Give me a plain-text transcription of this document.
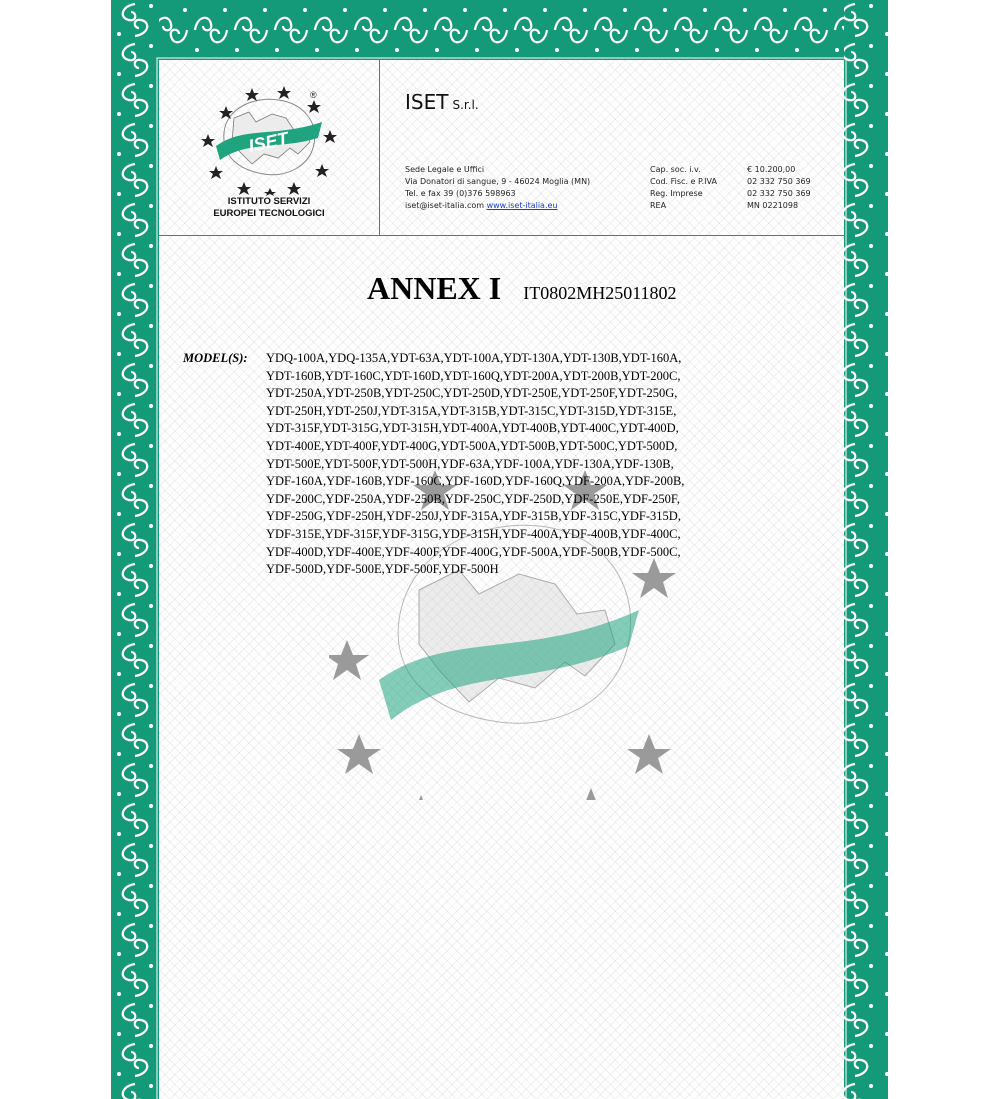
ISET
®
ISTITUTO SERVIZI
EUROPEI TECNOLOGICI
ISET S.r.l.
Sede Legale e Uffici
Via Donatori di sangue, 9 - 46024 Moglia (MN)
Tel. e fax 39 (0)376 598963
iset@iset-italia.com www.iset-italia.eu
Cap. soc. i.v.	€ 10.200,00
Cod. Fisc. e P.IVA	02 332 750 369
Reg. Imprese	02 332 750 369
REA	MN 0221098
ANNEX I IT0802MH25011802
MODEL(S): YDQ-100A,YDQ-135A,YDT-63A,YDT-100A,YDT-130A,YDT-130B,YDT-160A,
YDT-160B,YDT-160C,YDT-160D,YDT-160Q,YDT-200A,YDT-200B,YDT-200C,
YDT-250A,YDT-250B,YDT-250C,YDT-250D,YDT-250E,YDT-250F,YDT-250G,
YDT-250H,YDT-250J,YDT-315A,YDT-315B,YDT-315C,YDT-315D,YDT-315E,
YDT-315F,YDT-315G,YDT-315H,YDT-400A,YDT-400B,YDT-400C,YDT-400D,
YDT-400E,YDT-400F,YDT-400G,YDT-500A,YDT-500B,YDT-500C,YDT-500D,
YDT-500E,YDT-500F,YDT-500H,YDF-63A,YDF-100A,YDF-130A,YDF-130B,
YDF-160A,YDF-160B,YDF-160C,YDF-160D,YDF-160Q,YDF-200A,YDF-200B,
YDF-200C,YDF-250A,YDF-250B,YDF-250C,YDF-250D,YDF-250E,YDF-250F,
YDF-250G,YDF-250H,YDF-250J,YDF-315A,YDF-315B,YDF-315C,YDF-315D,
YDF-315E,YDF-315F,YDF-315G,YDF-315H,YDF-400A,YDF-400B,YDF-400C,
YDF-400D,YDF-400E,YDF-400F,YDF-400G,YDF-500A,YDF-500B,YDF-500C,
YDF-500D,YDF-500E,YDF-500F,YDF-500H
